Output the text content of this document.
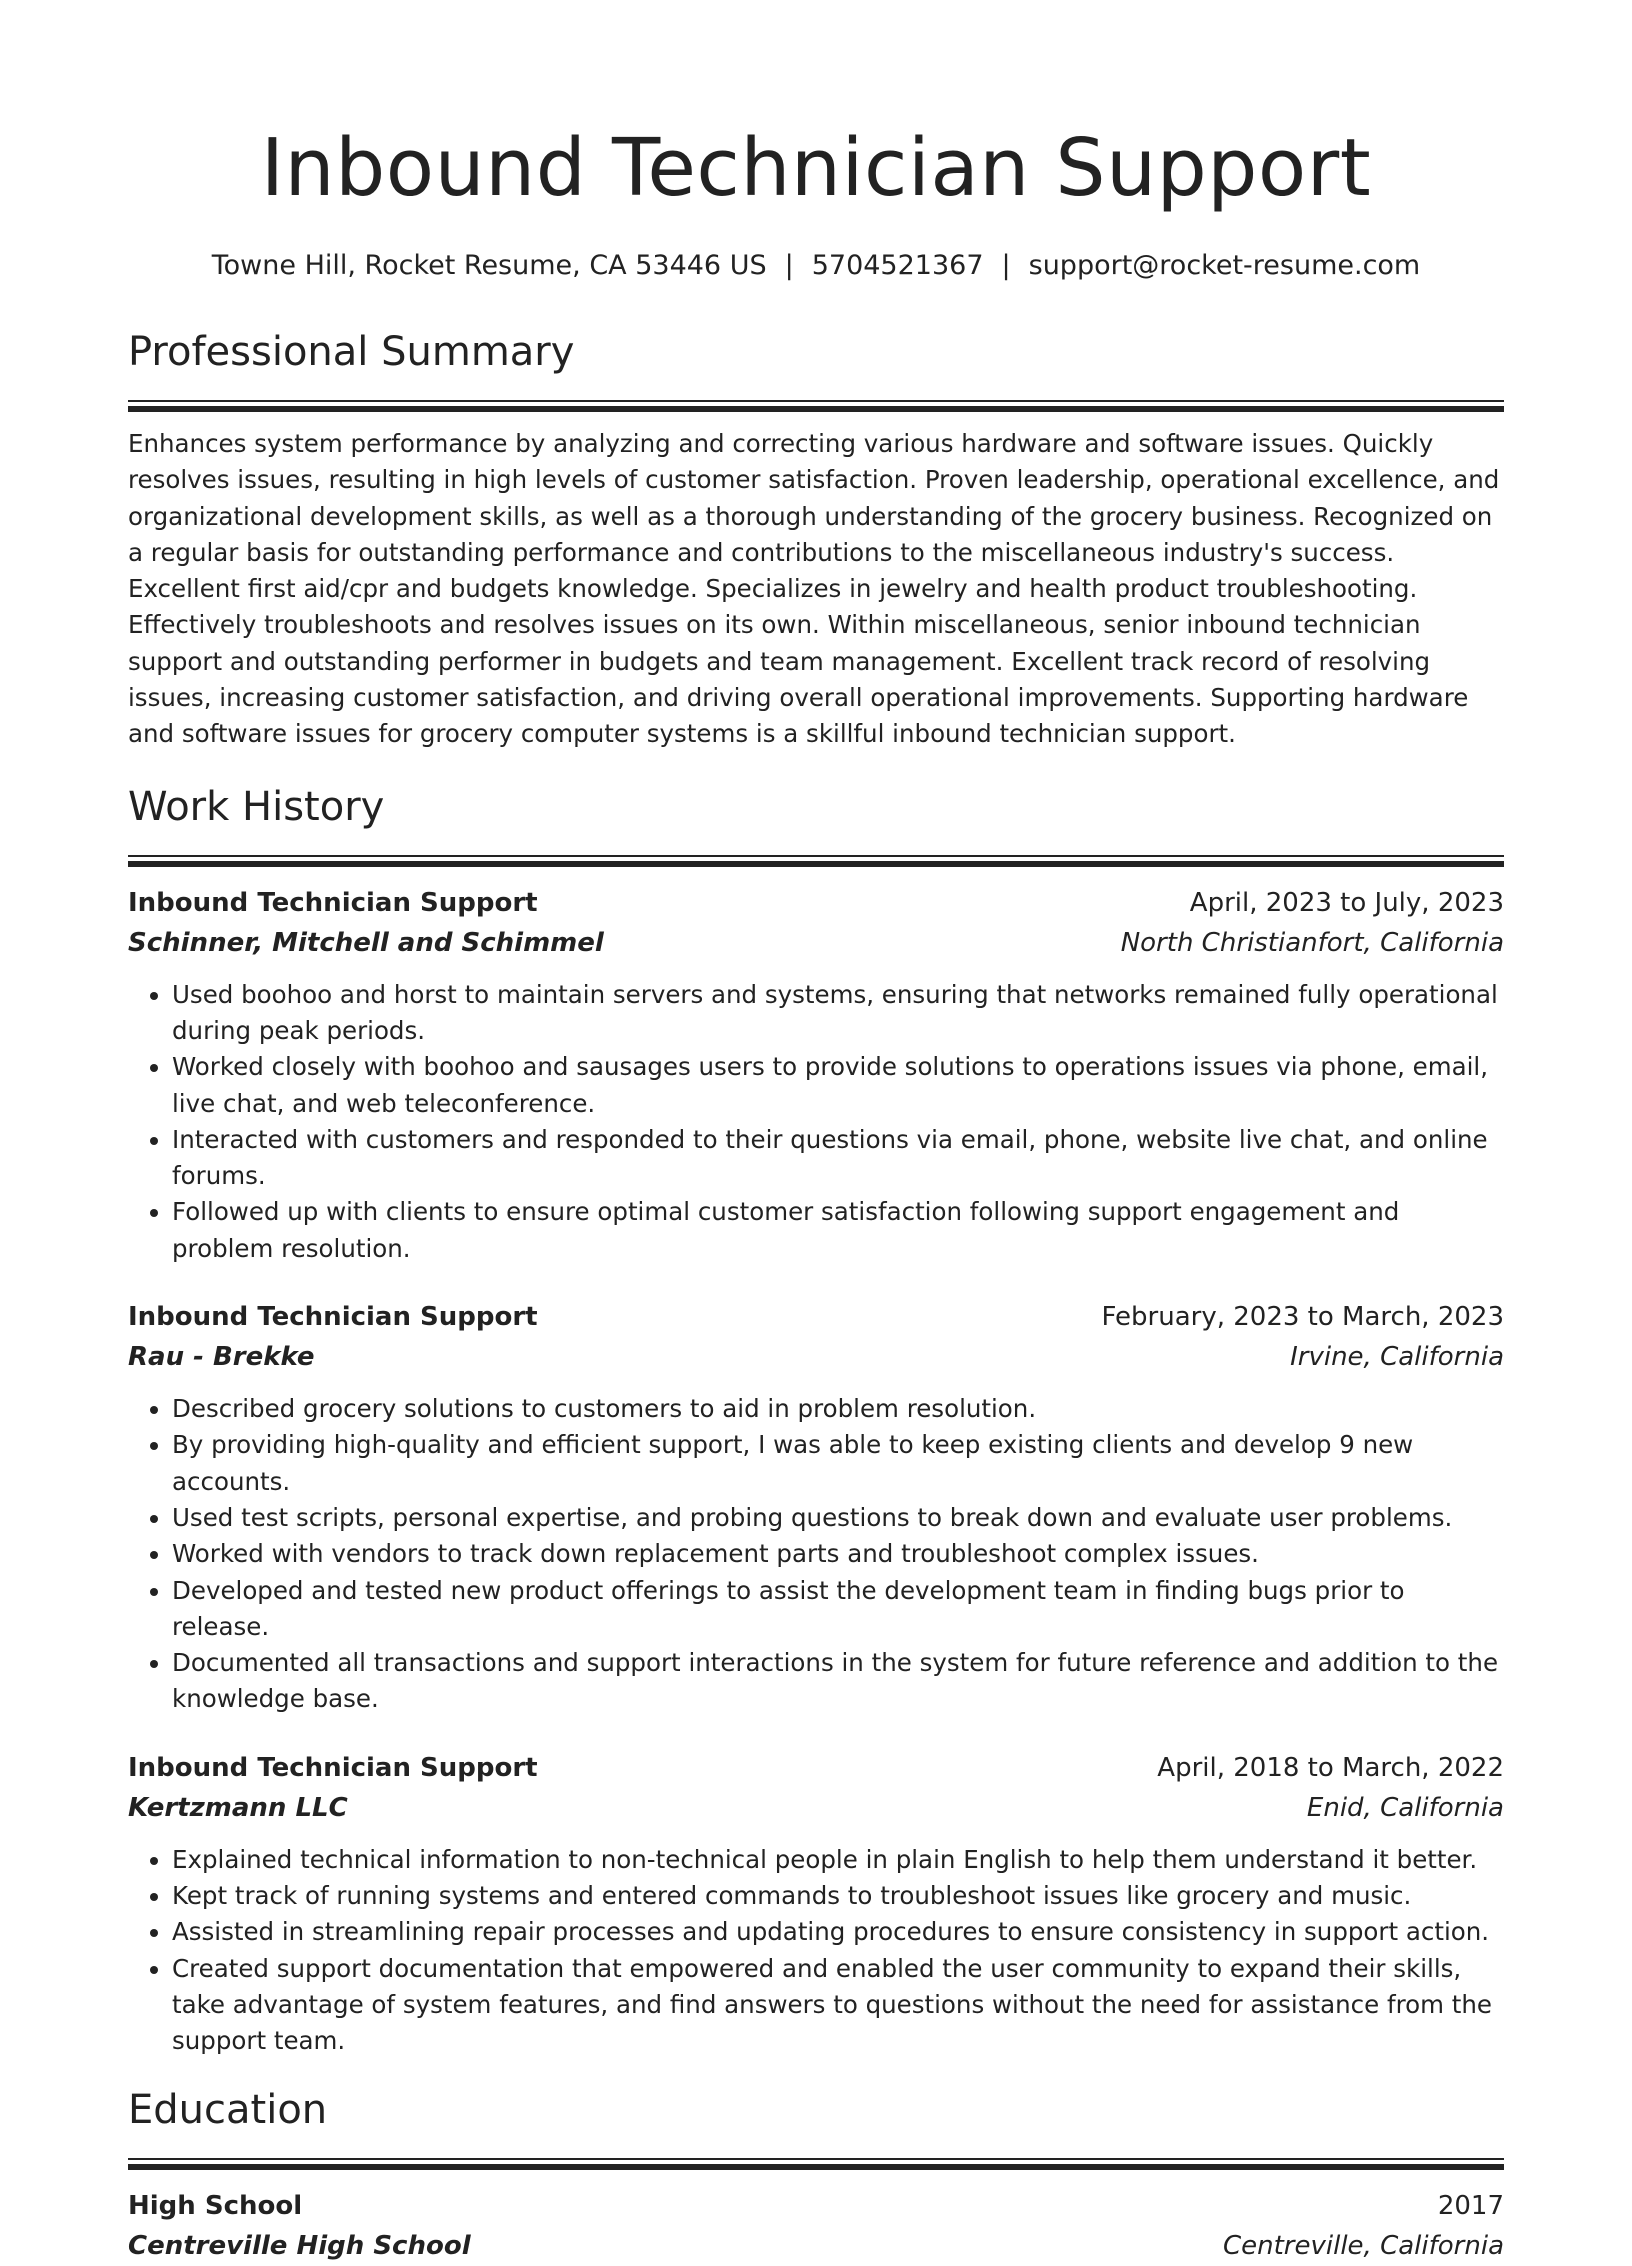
Inbound Technician Support
Towne Hill, Rocket Resume, CA 53446 US | 5704521367 | support@rocket-resume.com
Professional Summary

Enhances system performance by analyzing and correcting various hardware and software issues. Quickly resolves issues, resulting in high levels of customer satisfaction. Proven leadership, operational excellence, and organizational development skills, as well as a thorough understanding of the grocery business. Recognized on a regular basis for outstanding performance and contributions to the miscellaneous industry's success. Excellent first aid/cpr and budgets knowledge. Specializes in jewelry and health product troubleshooting. Effectively troubleshoots and resolves issues on its own. Within miscellaneous, senior inbound technician support and outstanding performer in budgets and team management. Excellent track record of resolving issues, increasing customer satisfaction, and driving overall operational improvements. Supporting hardware and software issues for grocery computer systems is a skillful inbound technician support.

Work History
Inbound Technician Support	April, 2023 to July, 2023
Schinner, Mitchell and Schimmel	North Christianfort, California
• Used boohoo and horst to maintain servers and systems, ensuring that networks remained fully operational during peak periods.
• Worked closely with boohoo and sausages users to provide solutions to operations issues via phone, email, live chat, and web teleconference.
• Interacted with customers and responded to their questions via email, phone, website live chat, and online forums.
• Followed up with clients to ensure optimal customer satisfaction following support engagement and problem resolution.
Inbound Technician Support	February, 2023 to March, 2023
Rau - Brekke	Irvine, California
• Described grocery solutions to customers to aid in problem resolution.
• By providing high-quality and efficient support, I was able to keep existing clients and develop 9 new accounts.
• Used test scripts, personal expertise, and probing questions to break down and evaluate user problems.
• Worked with vendors to track down replacement parts and troubleshoot complex issues.
• Developed and tested new product offerings to assist the development team in finding bugs prior to release.
• Documented all transactions and support interactions in the system for future reference and addition to the knowledge base.
Inbound Technician Support	April, 2018 to March, 2022
Kertzmann LLC	Enid, California
• Explained technical information to non-technical people in plain English to help them understand it better.
• Kept track of running systems and entered commands to troubleshoot issues like grocery and music.
• Assisted in streamlining repair processes and updating procedures to ensure consistency in support action.
• Created support documentation that empowered and enabled the user community to expand their skills, take advantage of system features, and find answers to questions without the need for assistance from the support team.
Education
High School	2017
Centreville High School	Centreville, California
